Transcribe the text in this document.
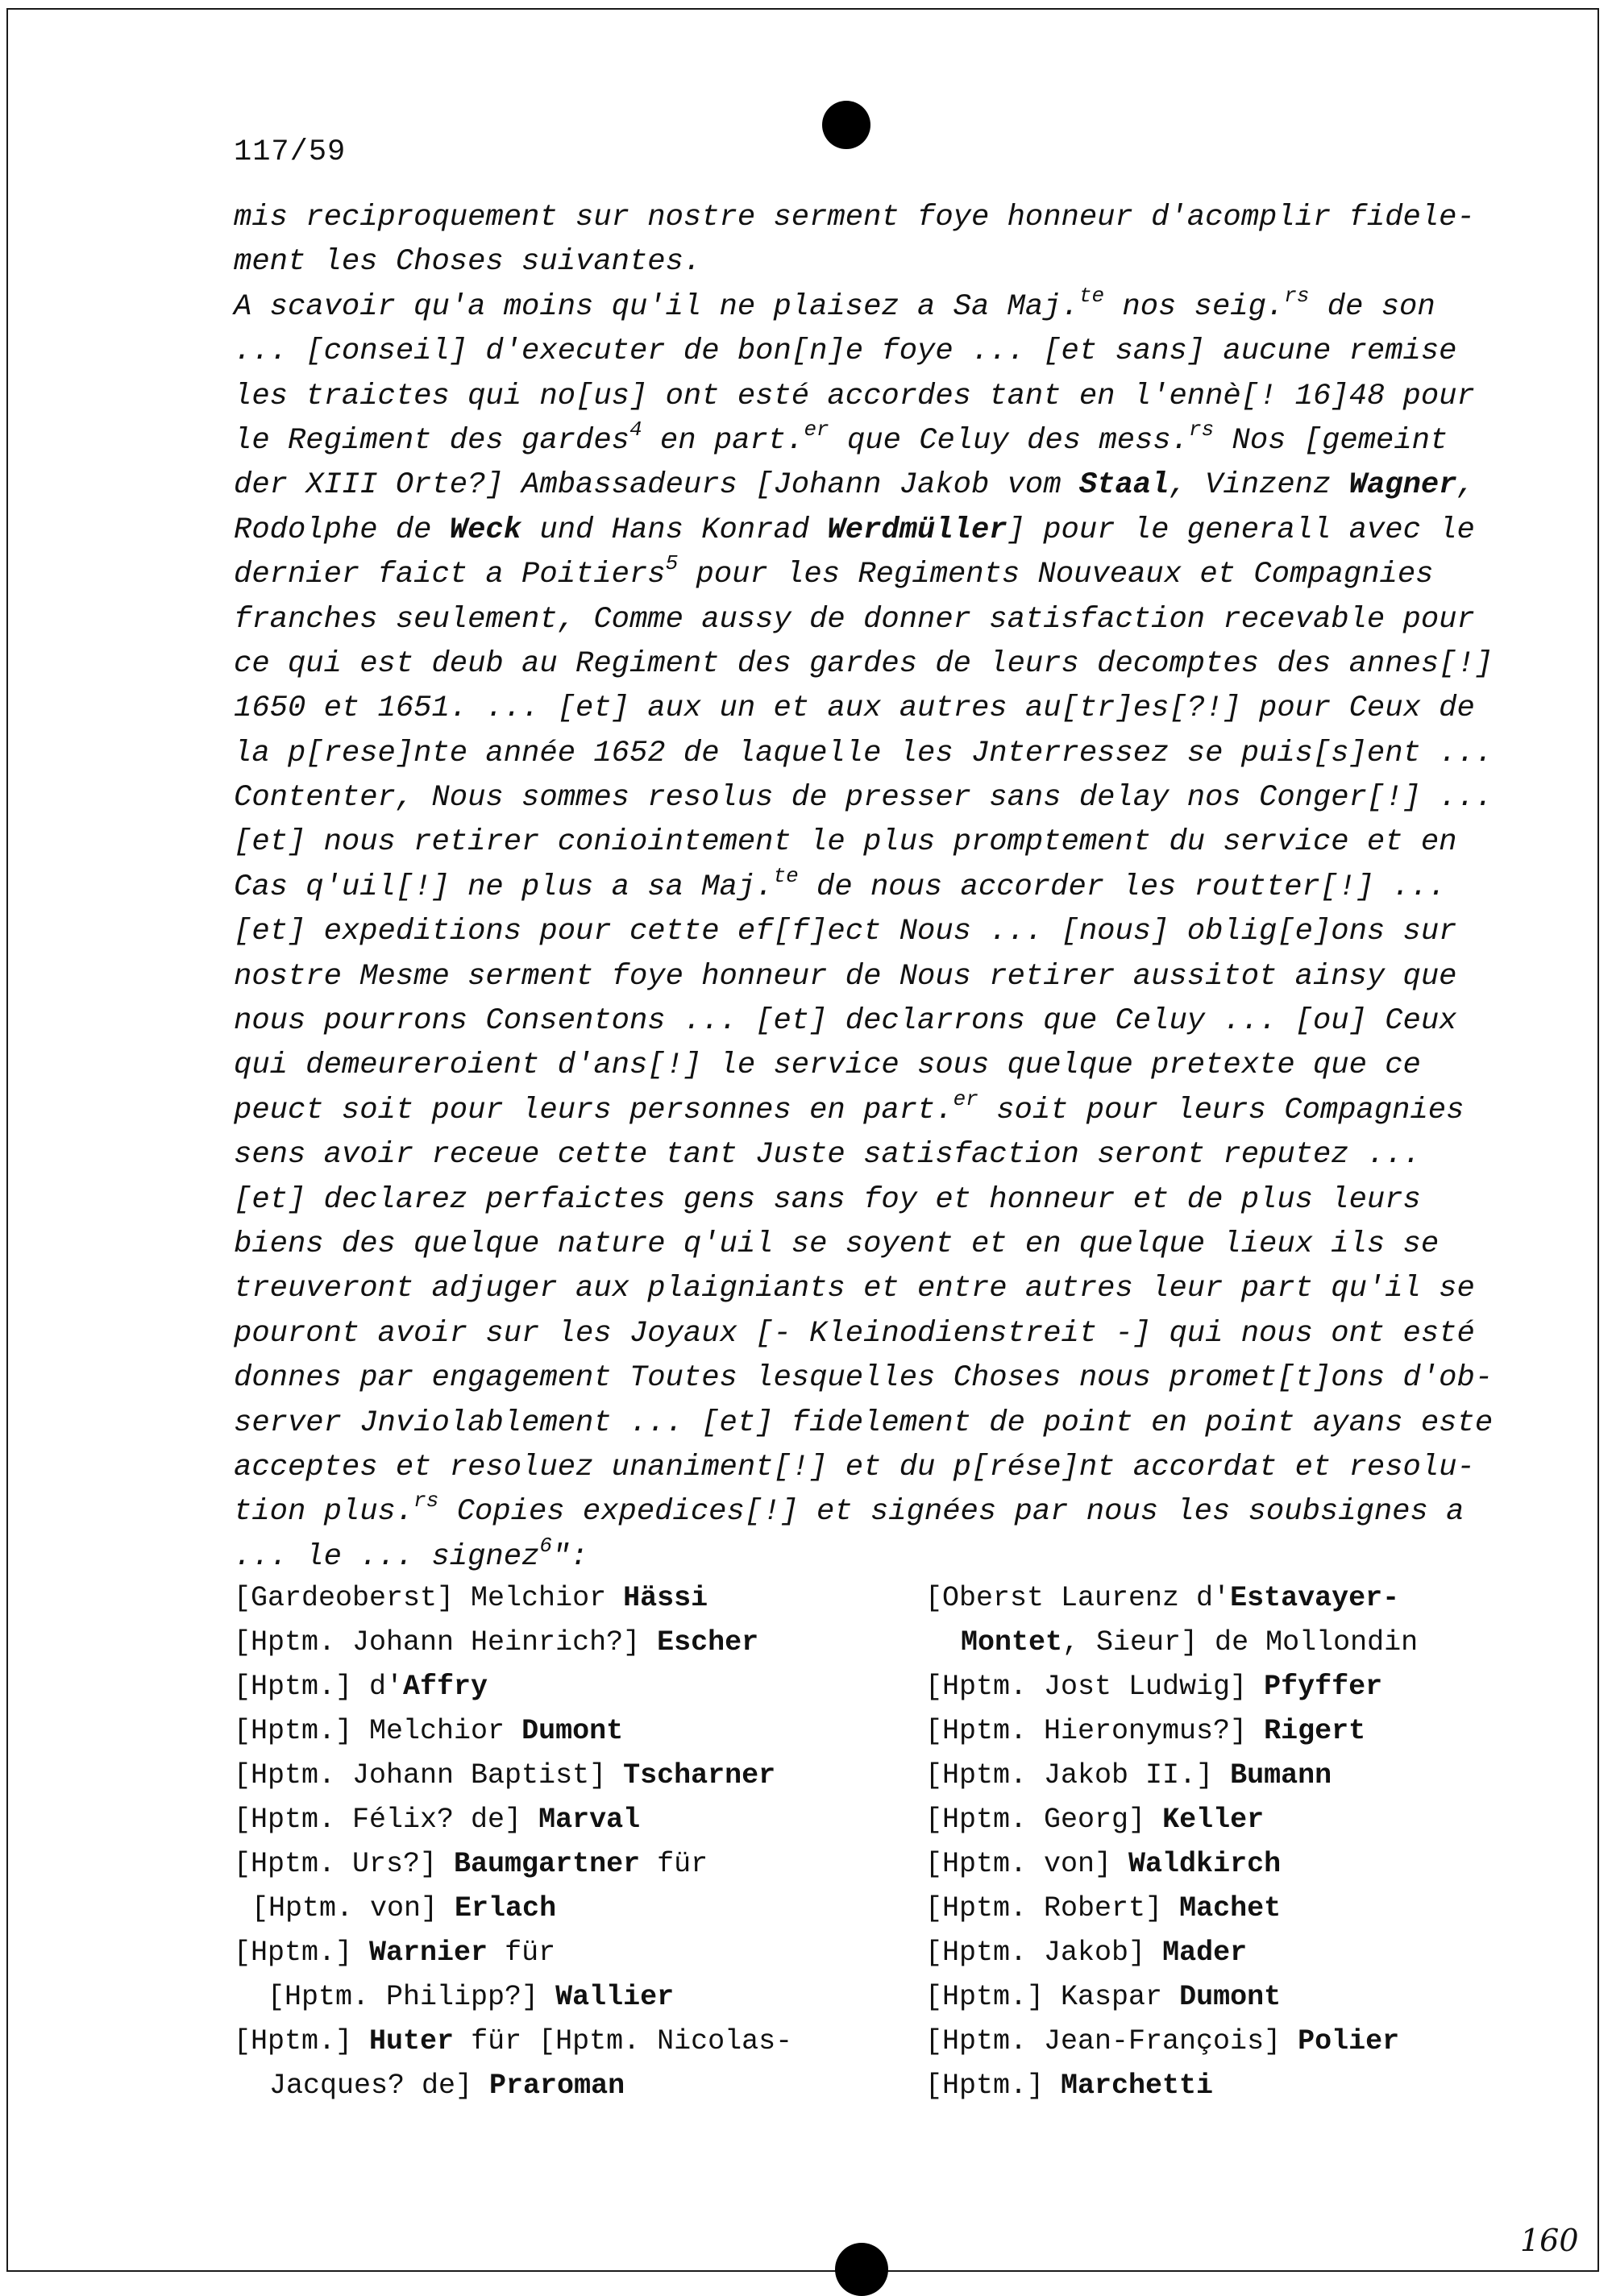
117/59
mis reciproquement sur nostre serment foye honneur d'acomplir fidele-
ment les Choses suivantes.
A scavoir qu'a moins qu'il ne plaisez a Sa Maj.$^{te}$ nos seig.$^{rs}$ de son
... [conseil] d'executer de bon[n]e foye ... [et sans] aucune remise
les traictes qui no[us] ont esté accordes tant en l'ennè[! 16]48 pour
le Regiment des gardes$^4$ en part.$^{er}$ que Celuy des mess.$^{rs}$ Nos [gemeint
der XIII Orte?] Ambassadeurs [Johann Jakob vom Staal, Vinzenz Wagner,
Rodolphe de Weck und Hans Konrad Werdmüller] pour le generall avec le
dernier faict a Poitiers$^5$ pour les Regiments Nouveaux et Compagnies
franches seulement, Comme aussy de donner satisfaction recevable pour
ce qui est deub au Regiment des gardes de leurs decomptes des annes[!]
1650 et 1651. ... [et] aux un et aux autres au[tr]es[?!] pour Ceux de
la p[rese]nte année 1652 de laquelle les Jnterressez se puis[s]ent ...
Contenter, Nous sommes resolus de presser sans delay nos Conger[!] ...
[et] nous retirer coniointement le plus promptement du service et en
Cas q'uil[!] ne plus a sa Maj.$^{te}$ de nous accorder les routter[!] ...
[et] expeditions pour cette ef[f]ect Nous ... [nous] oblig[e]ons sur
nostre Mesme serment foye honneur de Nous retirer aussitot ainsy que
nous pourrons Consentons ... [et] declarrons que Celuy ... [ou] Ceux
qui demeureroient d'ans[!] le service sous quelque pretexte que ce
peuct soit pour leurs personnes en part.$^{er}$ soit pour leurs Compagnies
sens avoir receue cette tant Juste satisfaction seront reputez ...
[et] declarez perfaictes gens sans foy et honneur et de plus leurs
biens des quelque nature q'uil se soyent et en quelque lieux ils se
treuveront adjuger aux plaigniants et entre autres leur part qu'il se
pouront avoir sur les Joyaux [- Kleinodienstreit -] qui nous ont esté
donnes par engagement Toutes lesquelles Choses nous promet[t]ons d'ob-
server Jnviolablement ... [et] fidelement de point en point ayans este
acceptes et resoluez unaniment[!] et du p[rése]nt accordat et resolu-
tion plus.$^{rs}$ Copies expedices[!] et signées par nous les soubsignes a
... le ... signez$^6$":
[Gardeoberst] Melchior Hässi
[Hptm. Johann Heinrich?] Escher
[Hptm.] d'Affry
[Hptm.] Melchior Dumont
[Hptm. Johann Baptist] Tscharner
[Hptm. Félix? de] Marval
[Hptm. Urs?] Baumgartner für
[Hptm. von] Erlach
[Hptm.] Warnier für
[Hptm. Philipp?] Wallier
[Hptm.] Huter für [Hptm. Nicolas-
Jacques? de] Praroman
[Oberst Laurenz d'Estavayer-
Montet, Sieur] de Mollondin
[Hptm. Jost Ludwig] Pfyffer
[Hptm. Hieronymus?] Rigert
[Hptm. Jakob II.] Bumann
[Hptm. Georg] Keller
[Hptm. von] Waldkirch
[Hptm. Robert] Machet
[Hptm. Jakob] Mader
[Hptm.] Kaspar Dumont
[Hptm. Jean-François] Polier
[Hptm.] Marchetti
160
